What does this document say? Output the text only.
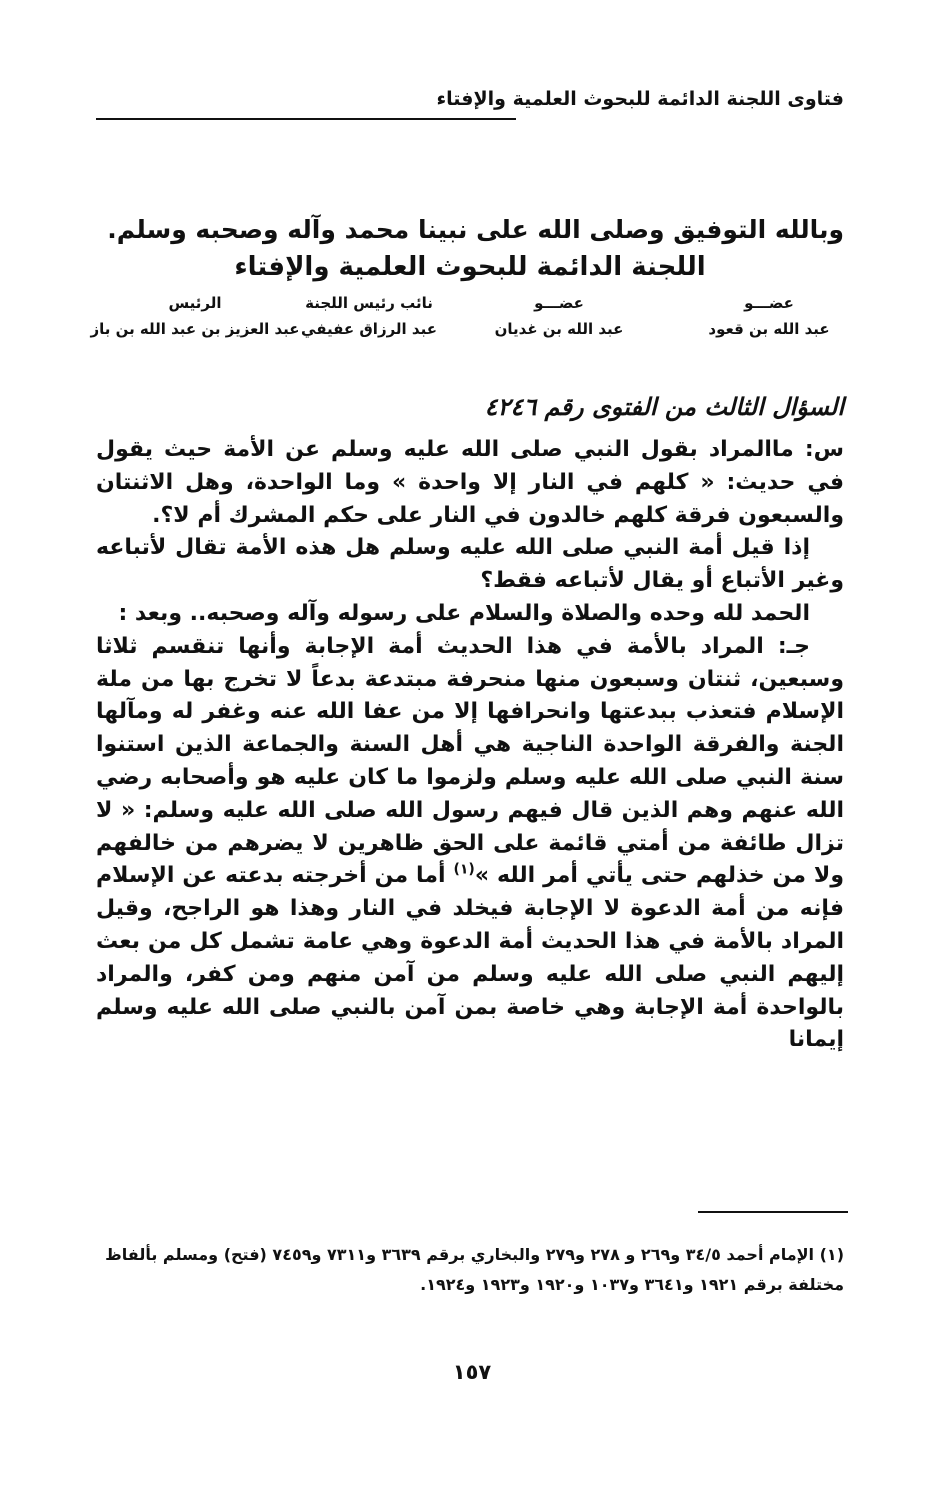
فتاوى اللجنة الدائمة للبحوث العلمية والإفتاء
وبالله التوفيق وصلى الله على نبينا محمد وآله وصحبه وسلم.
اللجنة الدائمة للبحوث العلمية والإفتاء
عضـــو
عبد الله بن قعود
عضـــو
عبد الله بن غديان
نائب رئيس اللجنة
عبد الرزاق عفيفي
الرئيس
عبد العزيز بن عبد الله بن باز
السؤال الثالث من الفتوى رقم ٤٢٤٦

س: ماالمراد بقول النبي صلى الله عليه وسلم عن الأمة حيث يقول في حديث: « كلهم في النار إلا واحدة » وما الواحدة، وهل الاثنتان والسبعون فرقة كلهم خالدون في النار على حكم المشرك أم لا؟.

إذا قيل أمة النبي صلى الله عليه وسلم هل هذه الأمة تقال لأتباعه وغير الأتباع أو يقال لأتباعه فقط؟

الحمد لله وحده والصلاة والسلام على رسوله وآله وصحبه.. وبعد :

جـ: المراد بالأمة في هذا الحديث أمة الإجابة وأنها تنقسم ثلاثا وسبعين، ثنتان وسبعون منها منحرفة مبتدعة بدعاً لا تخرج بها من ملة الإسلام فتعذب ببدعتها وانحرافها إلا من عفا الله عنه وغفر له ومآلها الجنة والفرقة الواحدة الناجية هي أهل السنة والجماعة الذين استنوا سنة النبي صلى الله عليه وسلم ولزموا ما كان عليه هو وأصحابه رضي الله عنهم وهم الذين قال فيهم رسول الله صلى الله عليه وسلم: « لا تزال طائفة من أمتي قائمة على الحق ظاهرين لا يضرهم من خالفهم ولا من خذلهم حتى يأتي أمر الله »$^{(١)}$ أما من أخرجته بدعته عن الإسلام فإنه من أمة الدعوة لا الإجابة فيخلد في النار وهذا هو الراجح، وقيل المراد بالأمة في هذا الحديث أمة الدعوة وهي عامة تشمل كل من بعث إليهم النبي صلى الله عليه وسلم من آمن منهم ومن كفر، والمراد بالواحدة أمة الإجابة وهي خاصة بمن آمن بالنبي صلى الله عليه وسلم إيمانا

(١) الإمام أحمد ٣٤/٥ و٢٦٩ و ٢٧٨ و٢٧٩ والبخاري برقم ٣٦٣٩ و٧٣١١ و٧٤٥٩ (فتح) ومسلم بألفاظ مختلفة برقم ١٩٢١ و٣٦٤١ و١٠٣٧ و١٩٢٠ و١٩٢٣ و١٩٢٤.
١٥٧
